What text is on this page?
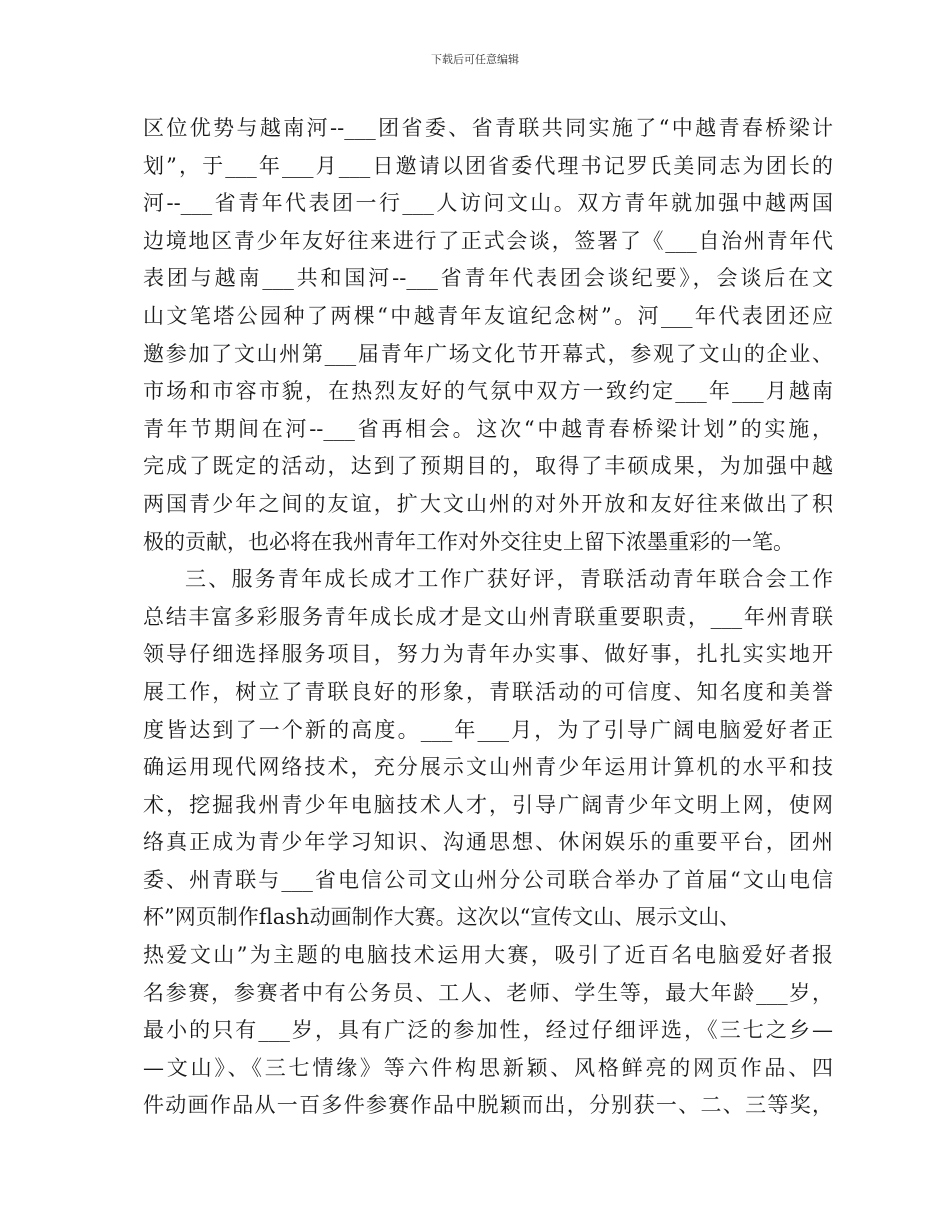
下载后可任意编辑
区位优势与越南河--___团省委、省青联共同实施了“中越青春桥梁计
划”，于___年___月___日邀请以团省委代理书记罗氏美同志为团长的
河--___省青年代表团一行___人访问文山。双方青年就加强中越两国
边境地区青少年友好往来进行了正式会谈，签署了《___自治州青年代
表团与越南___共和国河--___省青年代表团会谈纪要》，会谈后在文
山文笔塔公园种了两棵“中越青年友谊纪念树”。河___年代表团还应
邀参加了文山州第___届青年广场文化节开幕式，参观了文山的企业、
市场和市容市貌，在热烈友好的气氛中双方一致约定___年___月越南
青年节期间在河--___省再相会。这次“中越青春桥梁计划”的实施，
完成了既定的活动，达到了预期目的，取得了丰硕成果，为加强中越
两国青少年之间的友谊，扩大文山州的对外开放和友好往来做出了积
极的贡献，也必将在我州青年工作对外交往史上留下浓墨重彩的一笔。
三、服务青年成长成才工作广获好评，青联活动青年联合会工作
总结丰富多彩服务青年成长成才是文山州青联重要职责，___年州青联
领导仔细选择服务项目，努力为青年办实事、做好事，扎扎实实地开
展工作，树立了青联良好的形象，青联活动的可信度、知名度和美誉
度皆达到了一个新的高度。___年___月，为了引导广阔电脑爱好者正
确运用现代网络技术，充分展示文山州青少年运用计算机的水平和技
术，挖掘我州青少年电脑技术人才，引导广阔青少年文明上网，使网
络真正成为青少年学习知识、沟通思想、休闲娱乐的重要平台，团州
委、州青联与___省电信公司文山州分公司联合举办了首届“文山电信
杯”网页制作flash动画制作大赛。这次以“宣传文山、展示文山、
热爱文山”为主题的电脑技术运用大赛，吸引了近百名电脑爱好者报
名参赛，参赛者中有公务员、工人、老师、学生等，最大年龄___岁，
最小的只有___岁，具有广泛的参加性，经过仔细评选，《三七之乡—
—文山》、《三七情缘》等六件构思新颖、风格鲜亮的网页作品、四
件动画作品从一百多件参赛作品中脱颖而出，分别获一、二、三等奖，
